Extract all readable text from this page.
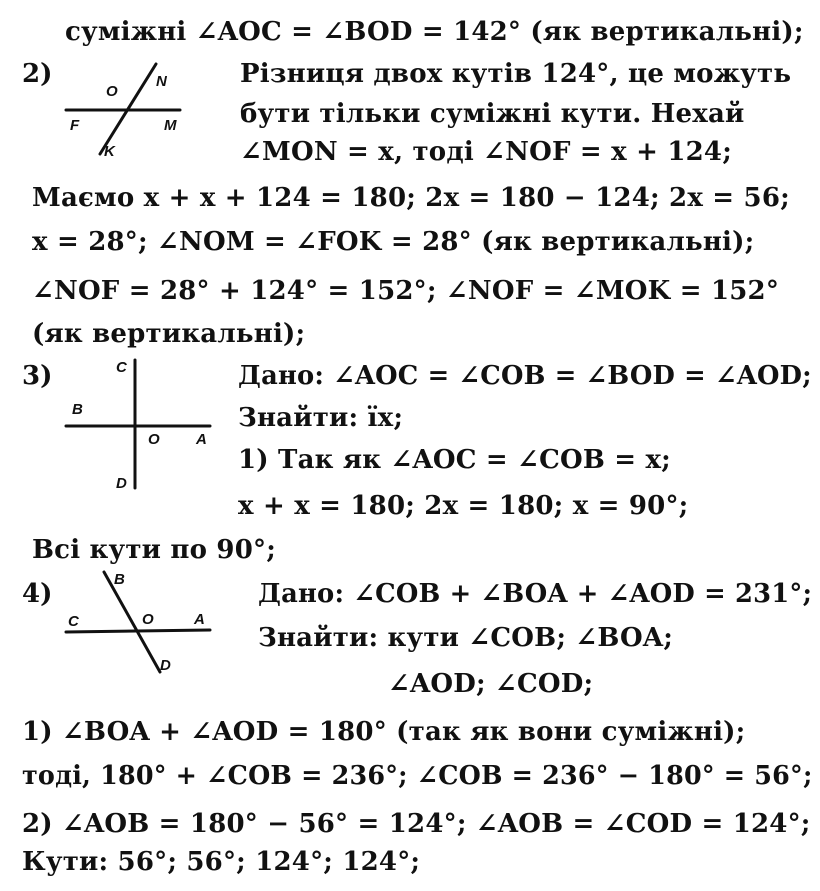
суміжні ∠AOC = ∠BOD = 142° (як вертикальні);
2)
O
N
F	M
K
Різниця двох кутів 124°, це можуть
бути тільки суміжні кути. Нехай
∠MON = x, тоді ∠NOF = x + 124;
Маємо x + x + 124 = 180; 2x = 180 − 124; 2x = 56;
x = 28°; ∠NOM = ∠FOK = 28° (як вертикальні);
∠NOF = 28° + 124° = 152°; ∠NOF = ∠MOK = 152°
(як вертикальні);
3)	C
B
O A
D
Дано: ∠AOC = ∠COB = ∠BOD = ∠AOD;
Знайти: їх;
1) Так як ∠AOC = ∠COB = x;
x + x = 180; 2x = 180; x = 90°;
Всі кути по 90°;
4)	B
C	O	A
D
Дано: ∠COB + ∠BOA + ∠AOD = 231°;
Знайти: кути ∠COB; ∠BOA;
∠AOD; ∠COD;
1) ∠BOA + ∠AOD = 180° (так як вони суміжні);
тоді, 180° + ∠COB = 236°; ∠COB = 236° − 180° = 56°;
2) ∠AOB = 180° − 56° = 124°; ∠AOB = ∠COD = 124°;
Кути: 56°; 56°; 124°; 124°;
